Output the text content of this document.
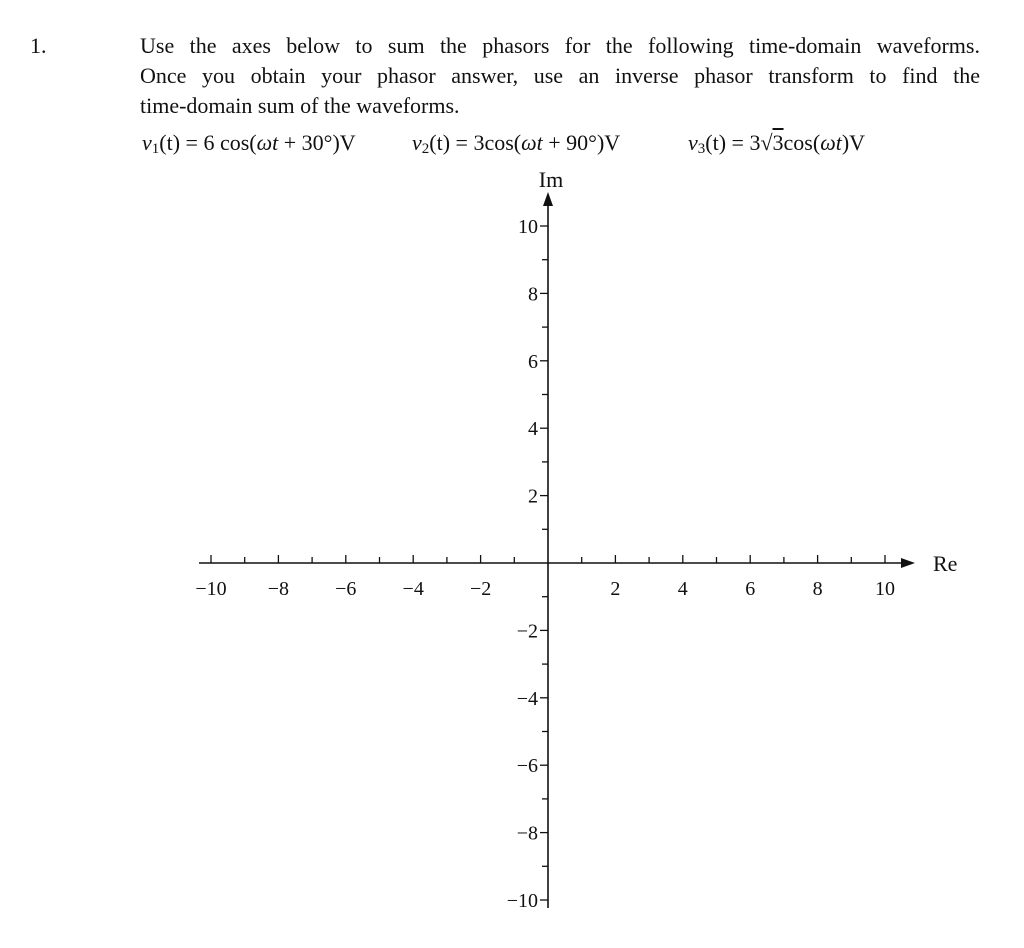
1.	Use the axes below to sum the phasors for the following time-domain waveforms.
Once you obtain your phasor answer, use an inverse phasor transform to find the
time-domain sum of the waveforms.
$v_1(t) = 6$ cos(ωt + 30°)V	$v_2(t) = 3\cos(\omega t + 90^\circ)V$	$v_3(t) = 3√3\cos(\omega t)V$
−10 −8 −6 −4 −2	2	4	6	8	10
10
8
6
4
2
−2
−4
−6
−8
−10
Re
Im
